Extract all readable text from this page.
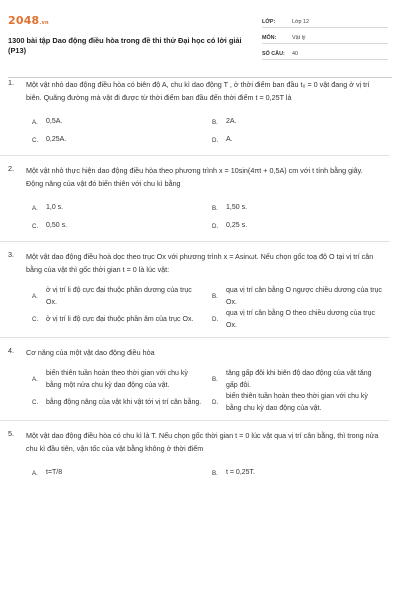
2048.vn
1300 bài tập Dao động điều hòa trong đề thi thử Đại học có lời giải (P13)
LỚP:	Lớp 12
MÔN:	Vật lý
SỐ CÂU:	40
1. Một vật nhỏ dao động điều hòa có biên độ A, chu kì dao động T , ở thời điểm ban đầu t₀ = 0 vật đang ở vị trí biên. Quãng đường mà vật đi được từ thời điểm ban đầu đến thời điểm t = 0,25T là
A.	0,5A.	B.	2A.
C.	0,25A.	D.	A.
2. Một vật nhỏ thực hiện dao động điều hòa theo phương trình x = 10sin(4πt + 0,5A) cm với t tính bằng giây. Động năng của vật đó biến thiên với chu kì bằng
A.	1,0 s.	B.	1,50 s.
C.	0,50 s.	D.	0,25 s.
3. Một vật dao động điều hoà dọc theo trục Ox với phương trình x = Asinωt. Nếu chọn gốc toạ độ O tại vị trí cân bằng của vật thì gốc thời gian t = 0 là lúc vật:
A.
ở vị trí li độ cực đại thuộc phần dương của trục Ox.
B.
qua vị trí cân bằng O ngược chiều dương của trục Ox.
C.	ở vị trí li độ cực đại thuộc phần âm của trục Ox.	D.
qua vị trí cân bằng O theo chiều dương của trục Ox.
4. Cơ năng của một vật dao động điều hòa
A.
biến thiên tuần hoàn theo thời gian với chu kỳ bằng một nửa chu kỳ dao động của vật.
B.
tăng gấp đôi khi biên độ dao động của vật tăng gấp đôi.
C.	bằng động năng của vật khi vật tới vị trí cân bằng. D.
biến thiên tuần hoàn theo thời gian với chu kỳ bằng chu kỳ dao động của vật.
5. Một vật dao động điều hòa có chu kì là T. Nếu chọn gốc thời gian t = 0 lúc vật qua vị trí cân bằng, thì trong nửa chu kì đầu tiên, vận tốc của vật bằng không ở thời điểm
A.	t=T/8	B.	t = 0,25T.
